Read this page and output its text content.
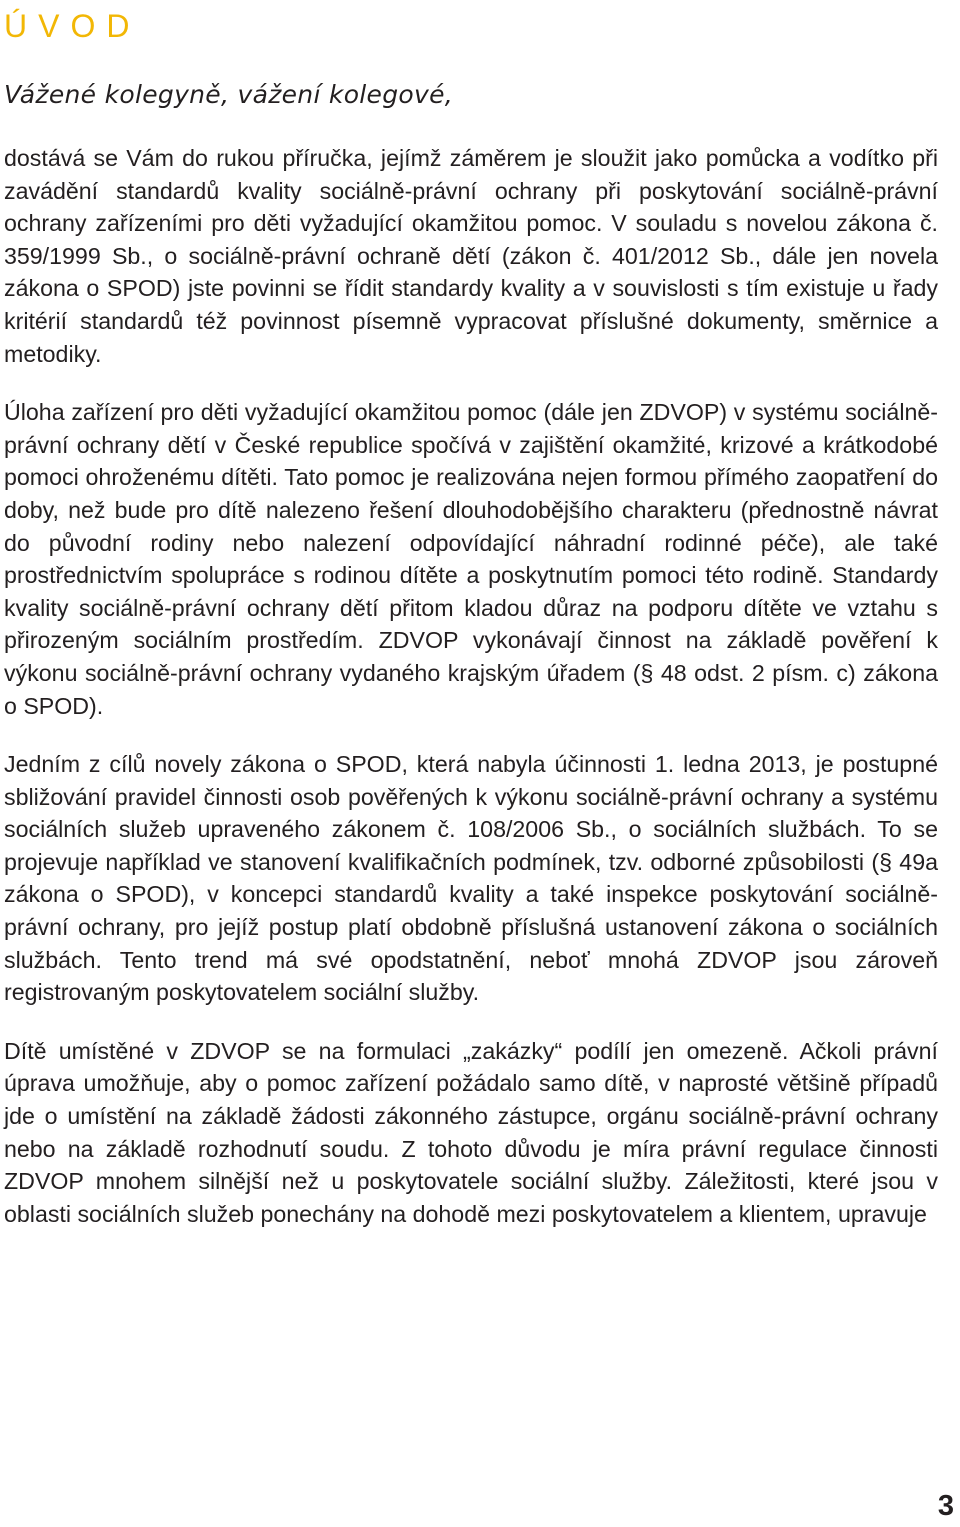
ÚVOD

Vážené kolegyně, vážení kolegové,

dostává se Vám do rukou příručka, jejímž záměrem je sloužit jako pomůcka a vodítko při zavádění standardů kvality sociálně-právní ochrany při poskytování sociálně-právní ochrany zařízeními pro děti vyžadující okamžitou pomoc. V souladu s novelou zákona č. 359/1999 Sb., o sociálně-právní ochraně dětí (zákon č. 401/2012 Sb., dále jen novela zákona o SPOD) jste povinni se řídit standardy kvality a v souvislosti s tím existuje u řady kritérií standardů též povinnost písemně vypracovat příslušné dokumenty, směrnice a metodiky.

Úloha zařízení pro děti vyžadující okamžitou pomoc (dále jen ZDVOP) v systému sociálně-právní ochrany dětí v České republice spočívá v zajištění okamžité, krizové a krátkodobé pomoci ohroženému dítěti. Tato pomoc je realizována nejen formou přímého zaopatření do doby, než bude pro dítě nalezeno řešení dlouhodobějšího charakteru (přednostně návrat do původní rodiny nebo nalezení odpovídající náhradní rodinné péče), ale také prostřednictvím spolupráce s rodinou dítěte a poskytnutím pomoci této rodině. Standardy kvality sociálně-právní ochrany dětí přitom kladou důraz na podporu dítěte ve vztahu s přirozeným sociálním prostředím. ZDVOP vykonávají činnost na základě pověření k výkonu sociálně-právní ochrany vydaného krajským úřadem (§ 48 odst. 2 písm. c) zákona o SPOD).

Jedním z cílů novely zákona o SPOD, která nabyla účinnosti 1. ledna 2013, je postupné sbližování pravidel činnosti osob pověřených k výkonu sociálně-právní ochrany a systému sociálních služeb upraveného zákonem č. 108/2006 Sb., o sociálních službách. To se projevuje například ve stanovení kvalifikačních podmínek, tzv. odborné způsobilosti (§ 49a zákona o SPOD), v koncepci standardů kvality a také inspekce poskytování sociálně-právní ochrany, pro jejíž postup platí obdobně příslušná ustanovení zákona o sociálních službách. Tento trend má své opodstatnění, neboť mnohá ZDVOP jsou zároveň registrovaným poskytovatelem sociální služby.

Dítě umístěné v ZDVOP se na formulaci „zakázky“ podílí jen omezeně. Ačkoli právní úprava umožňuje, aby o pomoc zařízení požádalo samo dítě, v naprosté většině případů jde o umístění na základě žádosti zákonného zástupce, orgánu sociálně-právní ochrany nebo na základě rozhodnutí soudu. Z tohoto důvodu je míra právní regulace činnosti ZDVOP mnohem silnější než u poskytovatele sociální služby. Záležitosti, které jsou v oblasti sociálních služeb ponechány na dohodě mezi poskytovatelem a klientem, upravuje

3
